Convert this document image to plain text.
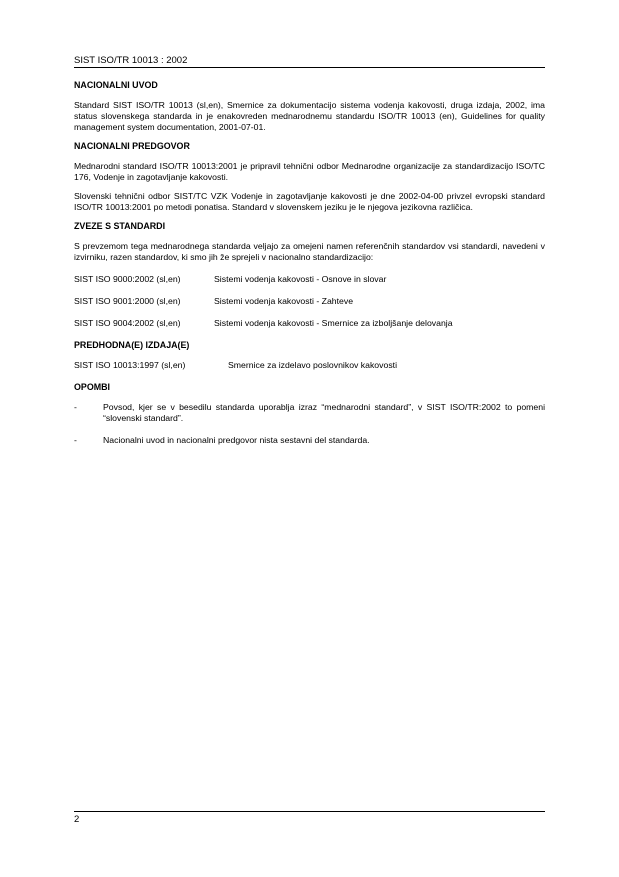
SIST ISO/TR 10013 : 2002
NACIONALNI UVOD

Standard SIST ISO/TR 10013 (sl,en), Smernice za dokumentacijo sistema vodenja kakovosti, druga izdaja, 2002, ima status slovenskega standarda in je enakovreden mednarodnemu standardu ISO/TR 10013 (en), Guidelines for quality management system documentation, 2001-07-01.

NACIONALNI PREDGOVOR

Mednarodni standard ISO/TR 10013:2001 je pripravil tehnični odbor Mednarodne organizacije za standardizacijo ISO/TC 176, Vodenje in zagotavljanje kakovosti.

Slovenski tehnični odbor SIST/TC VZK Vodenje in zagotavljanje kakovosti je dne 2002-04-00 privzel evropski standard ISO/TR 10013:2001 po metodi ponatisa. Standard v slovenskem jeziku je le njegova jezikovna različica.

ZVEZE S STANDARDI

S prevzemom tega mednarodnega standarda veljajo za omejeni namen referenčnih standardov vsi standardi, navedeni v izvirniku, razen standardov, ki smo jih že sprejeli v nacionalno standardizacijo:

SIST ISO 9000:2002 (sl,en)	Sistemi vodenja kakovosti - Osnove in slovar
SIST ISO 9001:2000 (sl,en)	Sistemi vodenja kakovosti - Zahteve
SIST ISO 9004:2002 (sl,en)	Sistemi vodenja kakovosti - Smernice za izboljšanje delovanja
PREDHODNA(E) IZDAJA(E)
SIST ISO 10013:1997 (sl,en)	Smernice za izdelavo poslovnikov kakovosti
OPOMBI
-	Povsod, kjer se v besedilu standarda uporablja izraz “mednarodni standard”, v SIST ISO/TR:2002 to pomeni “slovenski standard”.
-	Nacionalni uvod in nacionalni predgovor nista sestavni del standarda.
2
